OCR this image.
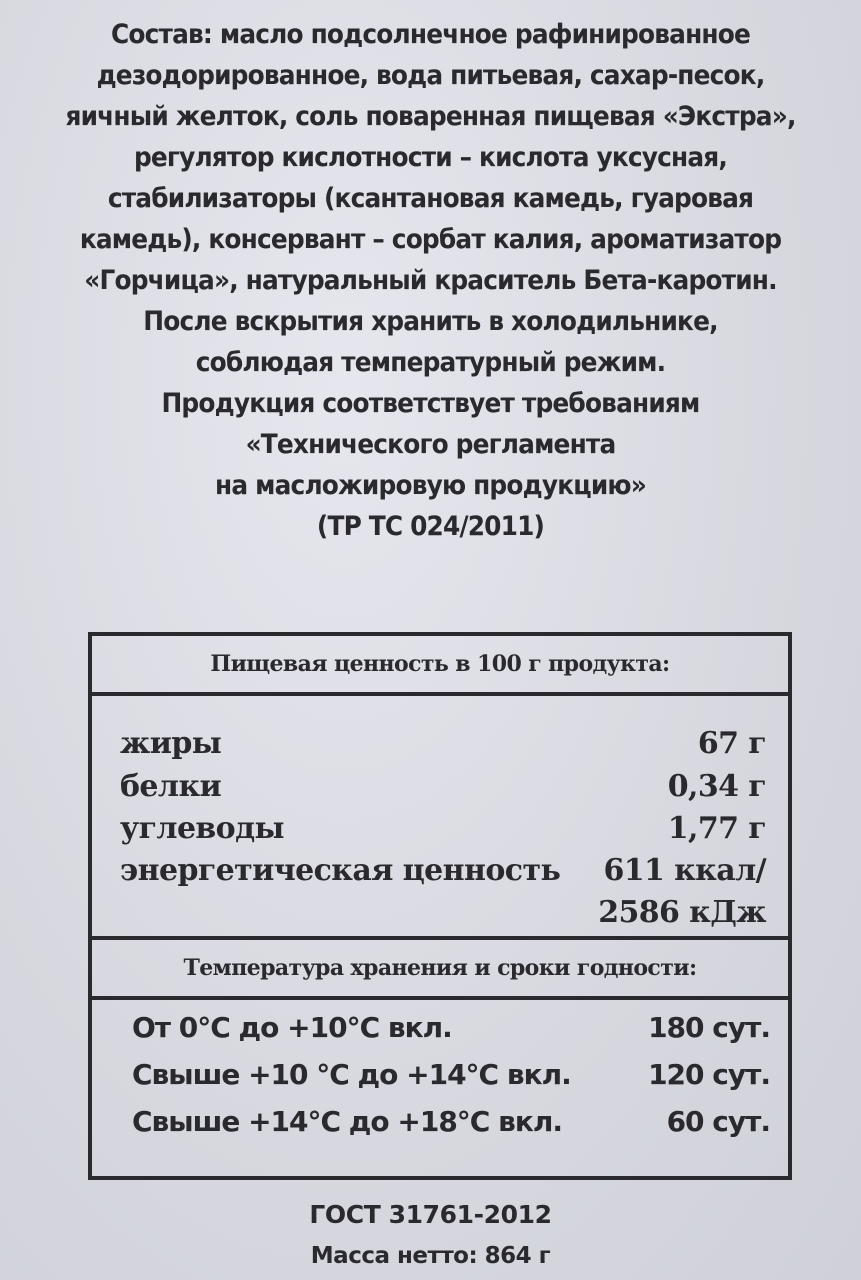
Состав: масло подсолнечное рафинированное
дезодорированное, вода питьевая, сахар-песок,
яичный желток, соль поваренная пищевая «Экстра»,
регулятор кислотности – кислота уксусная,
стабилизаторы (ксантановая камедь, гуаровая
камедь), консервант – сорбат калия, ароматизатор
«Горчица», натуральный краситель Бета-каротин.
После вскрытия хранить в холодильнике,
соблюдая температурный режим.
Продукция соответствует требованиям
«Технического регламента
на масложировую продукцию»
(ТР ТС 024/2011)
Пищевая ценность в 100 г продукта:
жиры	67 г
белки	0,34 г
углеводы	1,77 г
энергетическая ценность 611 ккал/
2586 кДж
Температура хранения и сроки годности:
От 0°С до +10°С вкл.	180 сут.
Свыше +10 °С до +14°С вкл.	120 сут.
Свыше +14°С до +18°С вкл.	60 сут.
ГОСТ 31761-2012
Масса нетто: 864 г
